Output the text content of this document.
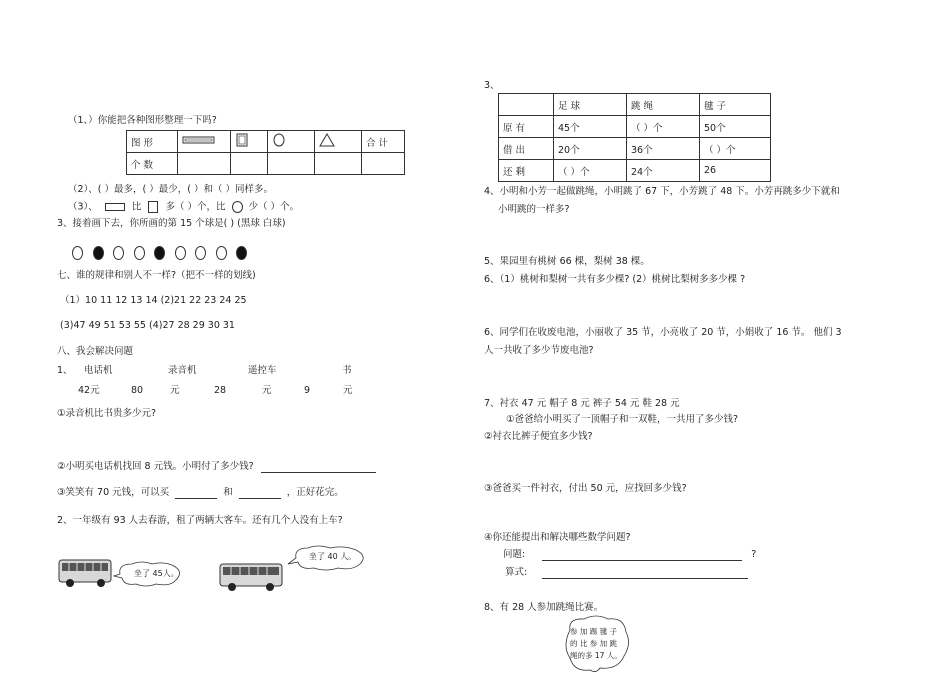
（1、）你能把各种图形整理一下吗?
图 形					合 计
个 数					
（2）、( ）最多，( ）最少，( ）和（ ）同样多。
（3）、	比	多（ ）个，比 少（ ）个。
3、接着画下去，你所画的第 15 个球是( ) (黑球 白球)
七、谁的规律和别人不一样?（把不一样的划线)
（1）10 11 12 13 14 (2)21 22 23 24 25
(3)47 49 51 53 55 (4)27 28 29 30 31
八、我会解决问题
1、 电话机	录音机	遥控车	书
42元	80	元	28	元	9	元
①录音机比书贵多少元?
②小明买电话机找回 8 元钱。小明付了多少钱?
③笑笑有 70 元钱，可以买	和	，正好花完。
2、一年级有 93 人去春游，租了两辆大客车。还有几个人没有上车?
坐了 45人。
坐了 40 人。
3、
	足 球	跳 绳	毽 子
原 有	45个	（ ）个	50个
借 出	20个	36个	（ ）个
还 剩	（ ）个	24个	26
4、小明和小芳一起做跳绳，小明跳了 67 下，小芳跳了 48 下。小芳再跳多少下就和
小明跳的一样多?
5、果园里有桃树 66 棵，梨树 38 棵。
6、（1）桃树和梨树一共有多少棵? (2）桃树比梨树多多少棵 ?
6、同学们在收废电池，小丽收了 35 节，小亮收了 20 节，小娟收了 16 节。 他们 3
人一共收了多少节废电池?
7、衬衣 47 元 帽子 8 元 裤子 54 元 鞋 28 元
①爸爸给小明买了一顶帽子和一双鞋，一共用了多少钱?
②衬衣比裤子便宜多少钱?
③爸爸买一件衬衣，付出 50 元，应找回多少钱?
④你还能提出和解决哪些数学问题?
问题:	?
算式:
8、有 28 人参加跳绳比赛。
参 加 踢 毽 子的 比 参 加 跳绳的多 17 人。
